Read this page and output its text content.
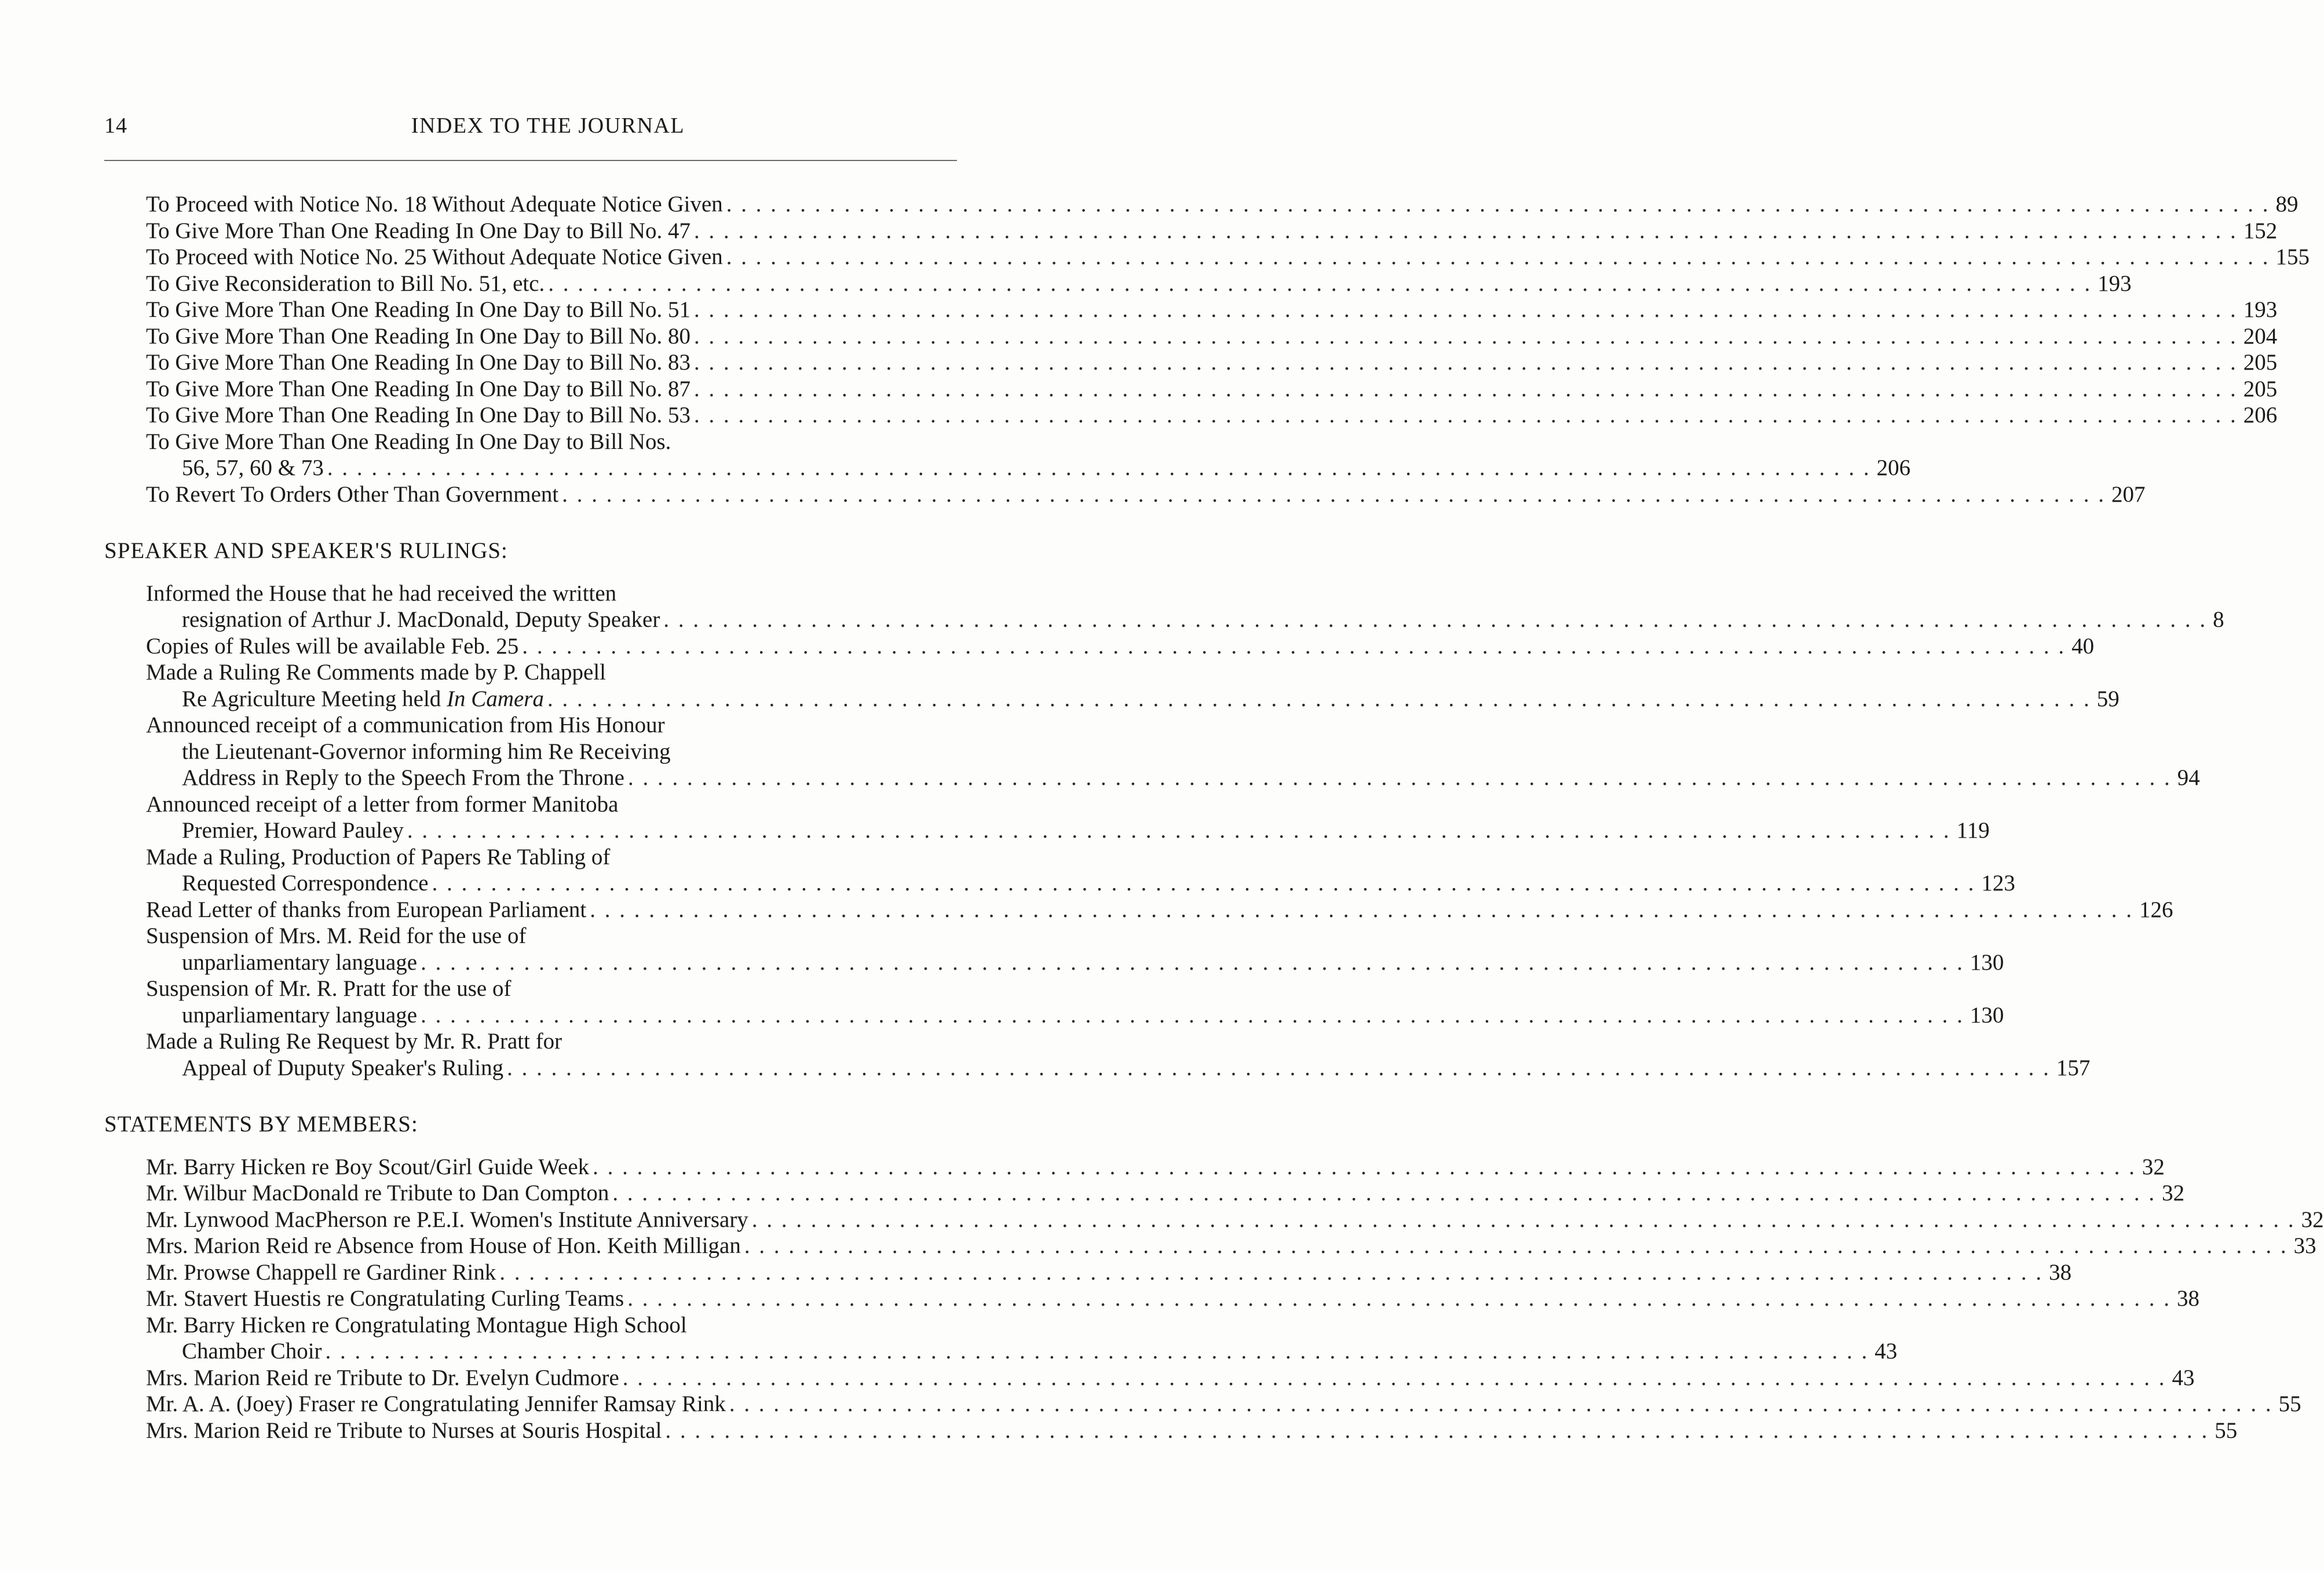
14	INDEX TO THE JOURNAL
To Proceed with Notice No. 18 Without Adequate Notice Given . . .	89
To Give More Than One Reading In One Day to Bill No. 47 . . .	152
To Proceed with Notice No. 25 Without Adequate Notice Given . . .	155
To Give Reconsideration to Bill No. 51, etc. . . .	193
To Give More Than One Reading In One Day to Bill No. 51 . . .	193
To Give More Than One Reading In One Day to Bill No. 80 . . .	204
To Give More Than One Reading In One Day to Bill No. 83 . . .	205
To Give More Than One Reading In One Day to Bill No. 87 . . .	205
To Give More Than One Reading In One Day to Bill No. 53 . . .	206
To Give More Than One Reading In One Day to Bill Nos.
56, 57, 60 & 73 . . .	206
To Revert To Orders Other Than Government . . .	207
SPEAKER AND SPEAKER'S RULINGS:
Informed the House that he had received the written
resignation of Arthur J. MacDonald, Deputy Speaker . . .	8
Copies of Rules will be available Feb. 25 . . .	40
Made a Ruling Re Comments made by P. Chappell
Re Agriculture Meeting held In Camera . . .	59
Announced receipt of a communication from His Honour
the Lieutenant-Governor informing him Re Receiving
Address in Reply to the Speech From the Throne . . .	94
Announced receipt of a letter from former Manitoba
Premier, Howard Pauley . . .	119
Made a Ruling, Production of Papers Re Tabling of
Requested Correspondence . . .	123
Read Letter of thanks from European Parliament . . .	126
Suspension of Mrs. M. Reid for the use of
unparliamentary language . . .	130
Suspension of Mr. R. Pratt for the use of
unparliamentary language . . .	130
Made a Ruling Re Request by Mr. R. Pratt for
Appeal of Duputy Speaker's Ruling . . .	157
STATEMENTS BY MEMBERS:
Mr. Barry Hicken re Boy Scout/Girl Guide Week . . .	32
Mr. Wilbur MacDonald re Tribute to Dan Compton . . .	32
Mr. Lynwood MacPherson re P.E.I. Women's Institute Anniversary . . .	32
Mrs. Marion Reid re Absence from House of Hon. Keith Milligan . . .	33
Mr. Prowse Chappell re Gardiner Rink . . .	38
Mr. Stavert Huestis re Congratulating Curling Teams . . .	38
Mr. Barry Hicken re Congratulating Montague High School
Chamber Choir . . .	43
Mrs. Marion Reid re Tribute to Dr. Evelyn Cudmore . . .	43
Mr. A. A. (Joey) Fraser re Congratulating Jennifer Ramsay Rink . . .	55
Mrs. Marion Reid re Tribute to Nurses at Souris Hospital . . .	55
